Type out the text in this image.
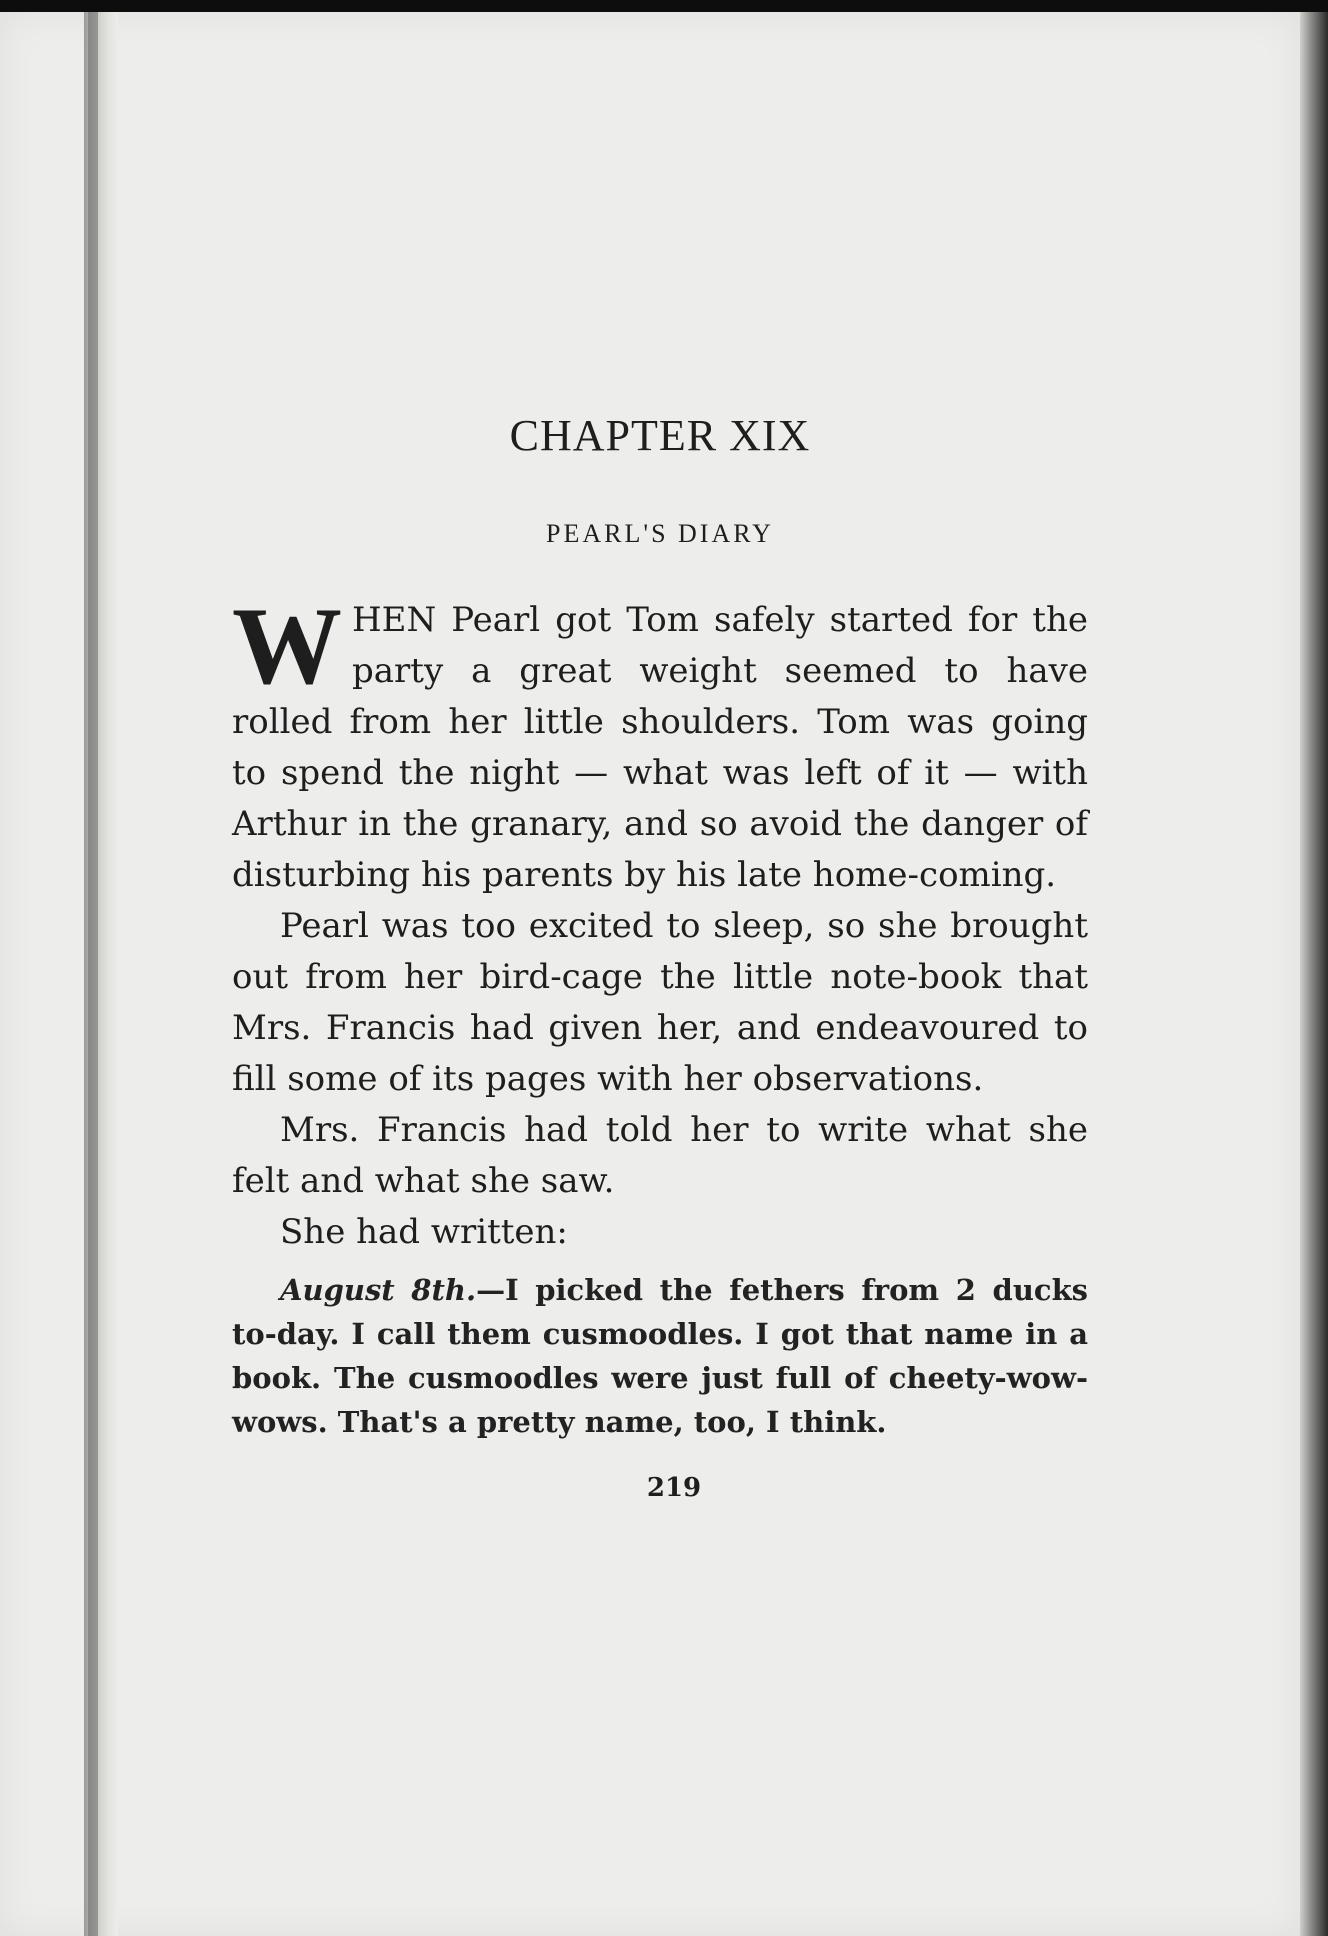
CHAPTER XIX
PEARL'S DIARY

WHEN Pearl got Tom safely started for the party a great weight seemed to have rolled from her little shoulders. Tom was going to spend the night — what was left of it — with Arthur in the granary, and so avoid the danger of disturbing his parents by his late home-coming.

Pearl was too excited to sleep, so she brought out from her bird-cage the little note-book that Mrs. Francis had given her, and endeavoured to fill some of its pages with her observations.

Mrs. Francis had told her to write what she felt and what she saw.

She had written:

August 8th.—I picked the fethers from 2 ducks to-day. I call them cusmoodles. I got that name in a book. The cusmoodles were just full of cheety-wow-wows. That's a pretty name, too, I think.

219
